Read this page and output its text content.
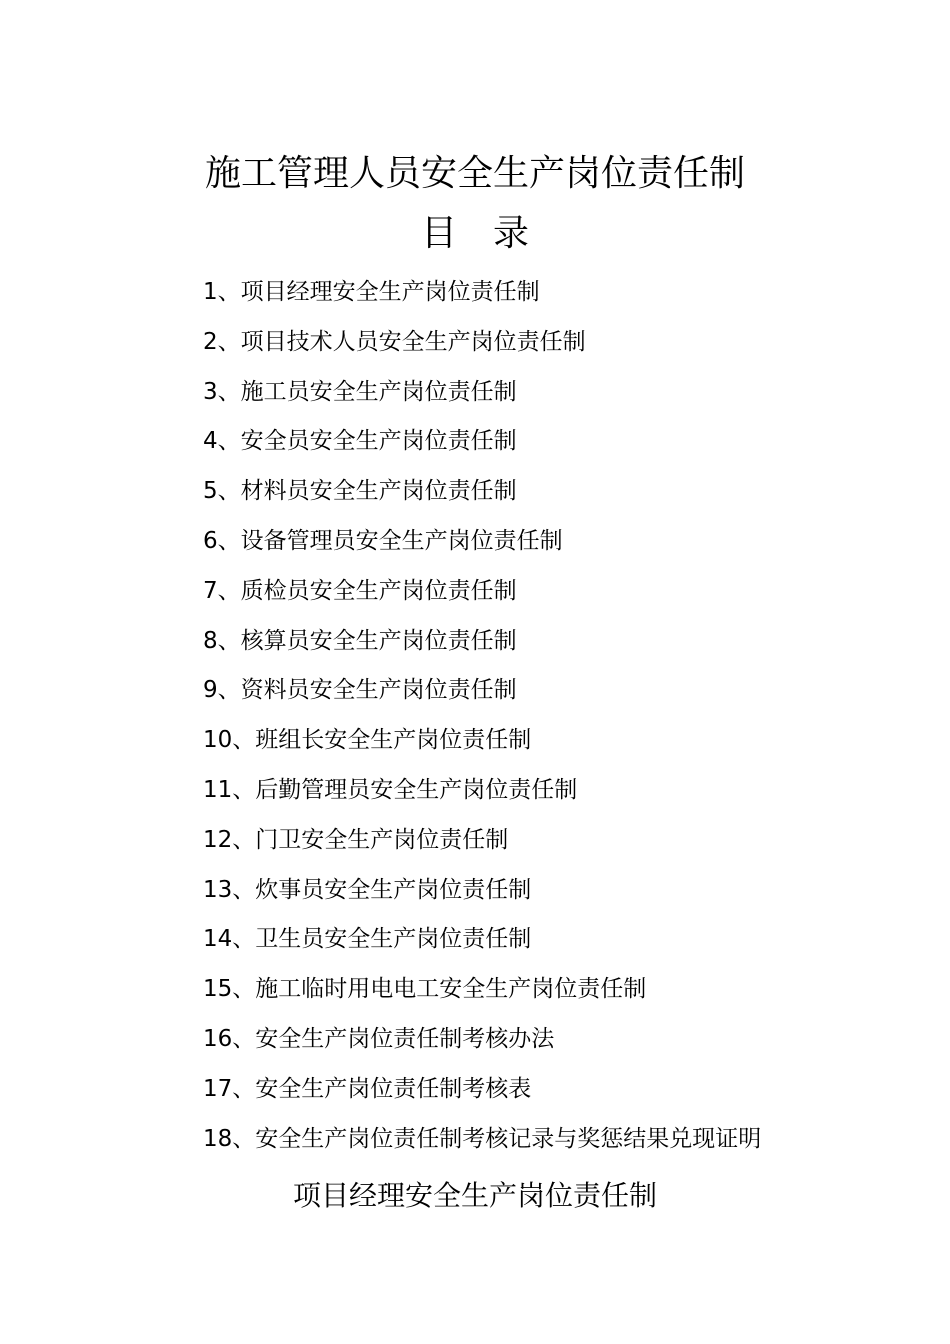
施工管理人员安全生产岗位责任制
目　录
1、项目经理安全生产岗位责任制
2、项目技术人员安全生产岗位责任制
3、施工员安全生产岗位责任制
4、安全员安全生产岗位责任制
5、材料员安全生产岗位责任制
6、设备管理员安全生产岗位责任制
7、质检员安全生产岗位责任制
8、核算员安全生产岗位责任制
9、资料员安全生产岗位责任制
10、班组长安全生产岗位责任制
11、后勤管理员安全生产岗位责任制
12、门卫安全生产岗位责任制
13、炊事员安全生产岗位责任制
14、卫生员安全生产岗位责任制
15、施工临时用电电工安全生产岗位责任制
16、安全生产岗位责任制考核办法
17、安全生产岗位责任制考核表
18、安全生产岗位责任制考核记录与奖惩结果兑现证明
项目经理安全生产岗位责任制
